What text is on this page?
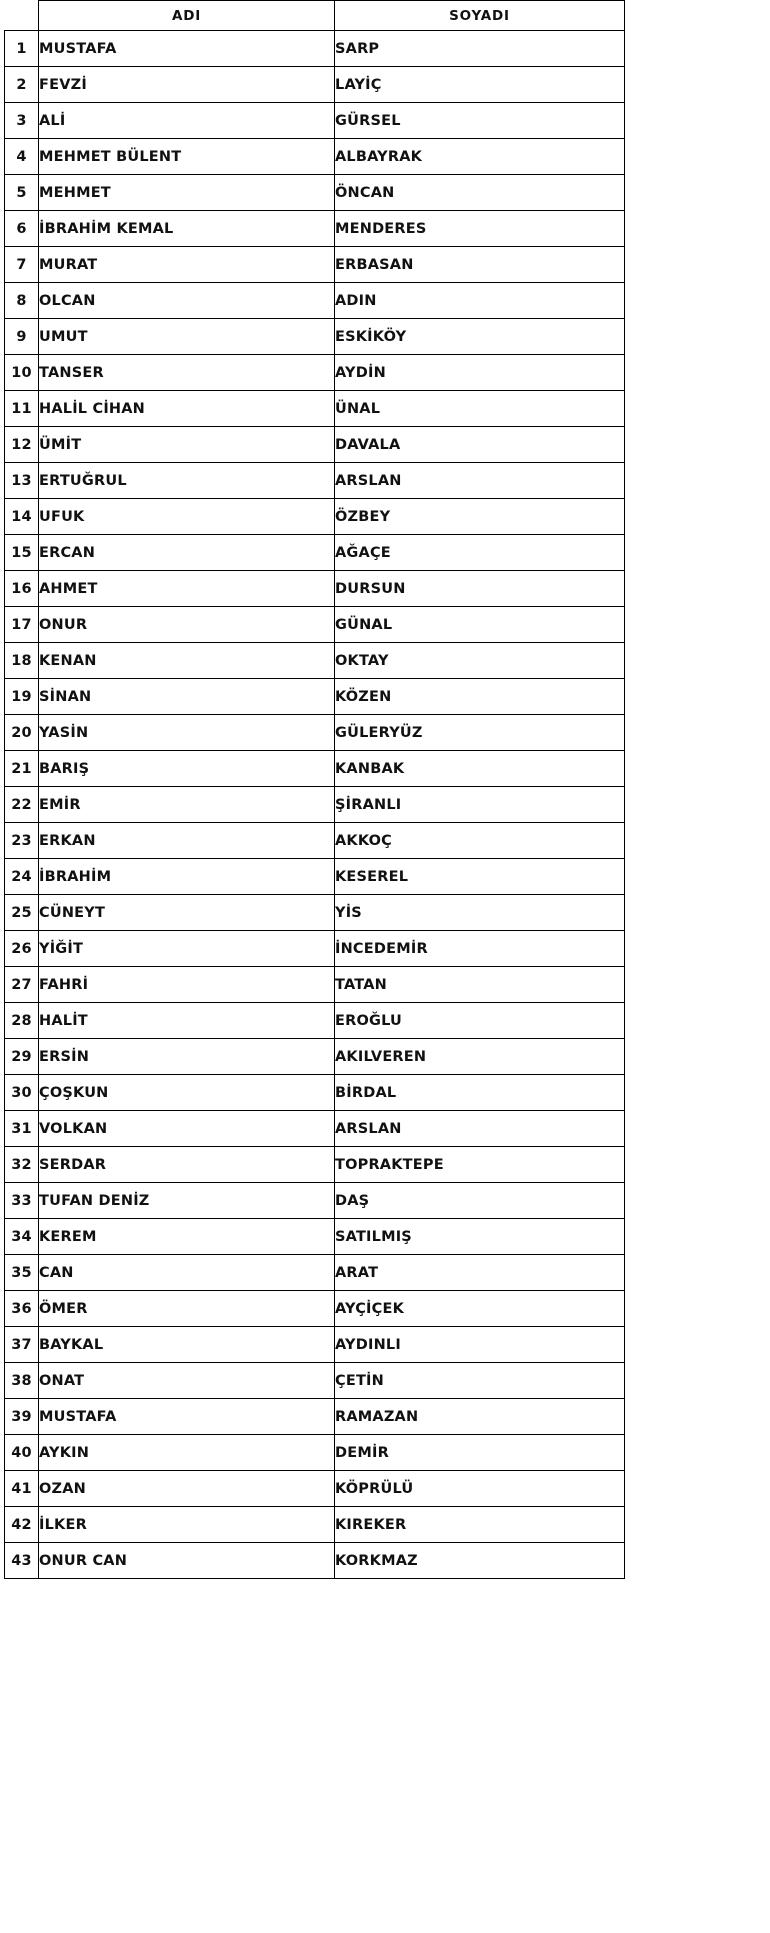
	ADI	SOYADI
1	MUSTAFA	SARP
2	FEVZİ	LAYİÇ
3	ALİ	GÜRSEL
4	MEHMET BÜLENT	ALBAYRAK
5	MEHMET	ÖNCAN
6	İBRAHİM KEMAL	MENDERES
7	MURAT	ERBASAN
8	OLCAN	ADIN
9	UMUT	ESKİKÖY
10	TANSER	AYDİN
11	HALİL CİHAN	ÜNAL
12	ÜMİT	DAVALA
13	ERTUĞRUL	ARSLAN
14	UFUK	ÖZBEY
15	ERCAN	AĞAÇE
16	AHMET	DURSUN
17	ONUR	GÜNAL
18	KENAN	OKTAY
19	SİNAN	KÖZEN
20	YASİN	GÜLERYÜZ
21	BARIŞ	KANBAK
22	EMİR	ŞİRANLI
23	ERKAN	AKKOÇ
24	İBRAHİM	KESEREL
25	CÜNEYT	YİS
26	YİĞİT	İNCEDEMİR
27	FAHRİ	TATAN
28	HALİT	EROĞLU
29	ERSİN	AKILVEREN
30	ÇOŞKUN	BİRDAL
31	VOLKAN	ARSLAN
32	SERDAR	TOPRAKTEPE
33	TUFAN DENİZ	DAŞ
34	KEREM	SATILMIŞ
35	CAN	ARAT
36	ÖMER	AYÇİÇEK
37	BAYKAL	AYDINLI
38	ONAT	ÇETİN
39	MUSTAFA	RAMAZAN
40	AYKIN	DEMİR
41	OZAN	KÖPRÜLÜ
42	İLKER	KIREKER
43	ONUR CAN	KORKMAZ
